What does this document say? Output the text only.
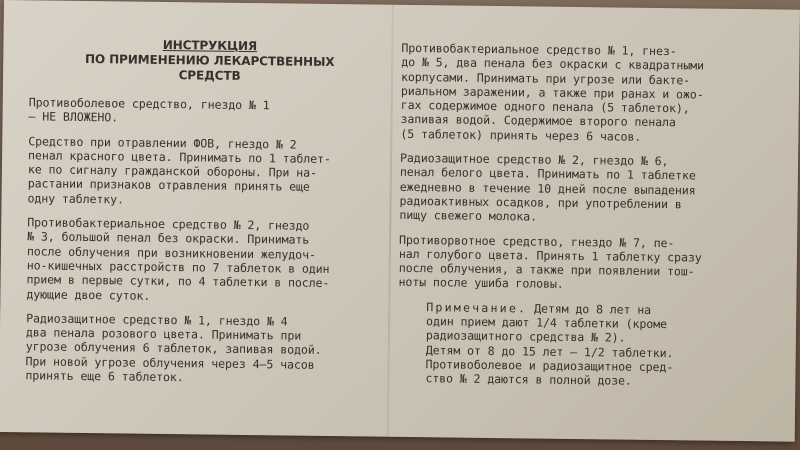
ИНСТРУКЦИЯ
ПО ПРИМЕНЕНИЮ ЛЕКАРСТВЕННЫХ
СРЕДСТВ
Противоболевое средство, гнездо № 1
— НЕ ВЛОЖЕНО.
Средство при отравлении ФОВ, гнездо № 2
пенал красного цвета. Принимать по 1 таблет-
ке по сигналу гражданской обороны. При на-
растании признаков отравления принять еще
одну таблетку.
Противобактериальное средство № 2, гнездо
№ 3, большой пенал без окраски. Принимать
после облучения при возникновении желудоч-
но-кишечных расстройств по 7 таблеток в один
прием в первые сутки, по 4 таблетки в после-
дующие двое суток.
Радиозащитное средство № 1, гнездо № 4
два пенала розового цвета. Принимать при
угрозе облучения 6 таблеток, запивая водой.
При новой угрозе облучения через 4—5 часов
принять еще 6 таблеток.
Противобактериальное средство № 1, гнез-
до № 5, два пенала без окраски с квадратными
корпусами. Принимать при угрозе или бакте-
риальном заражении, а также при ранах и ожо-
гах содержимое одного пенала (5 таблеток),
запивая водой. Содержимое второго пенала
(5 таблеток) принять через 6 часов.
Радиозащитное средство № 2, гнездо № 6,
пенал белого цвета. Принимать по 1 таблетке
ежедневно в течение 10 дней после выпадения
радиоактивных осадков, при употреблении в
пищу свежего молока.
Противорвотное средство, гнездо № 7, пе-
нал голубого цвета. Принять 1 таблетку сразу
после облучения, а также при появлении тош-
ноты после ушиба головы.
Примечание. Детям до 8 лет на
один прием дают 1/4 таблетки (кроме
радиозащитного средства № 2).
Детям от 8 до 15 лет — 1/2 таблетки.
Противоболевое и радиозащитное сред-
ство № 2 даются в полной дозе.
